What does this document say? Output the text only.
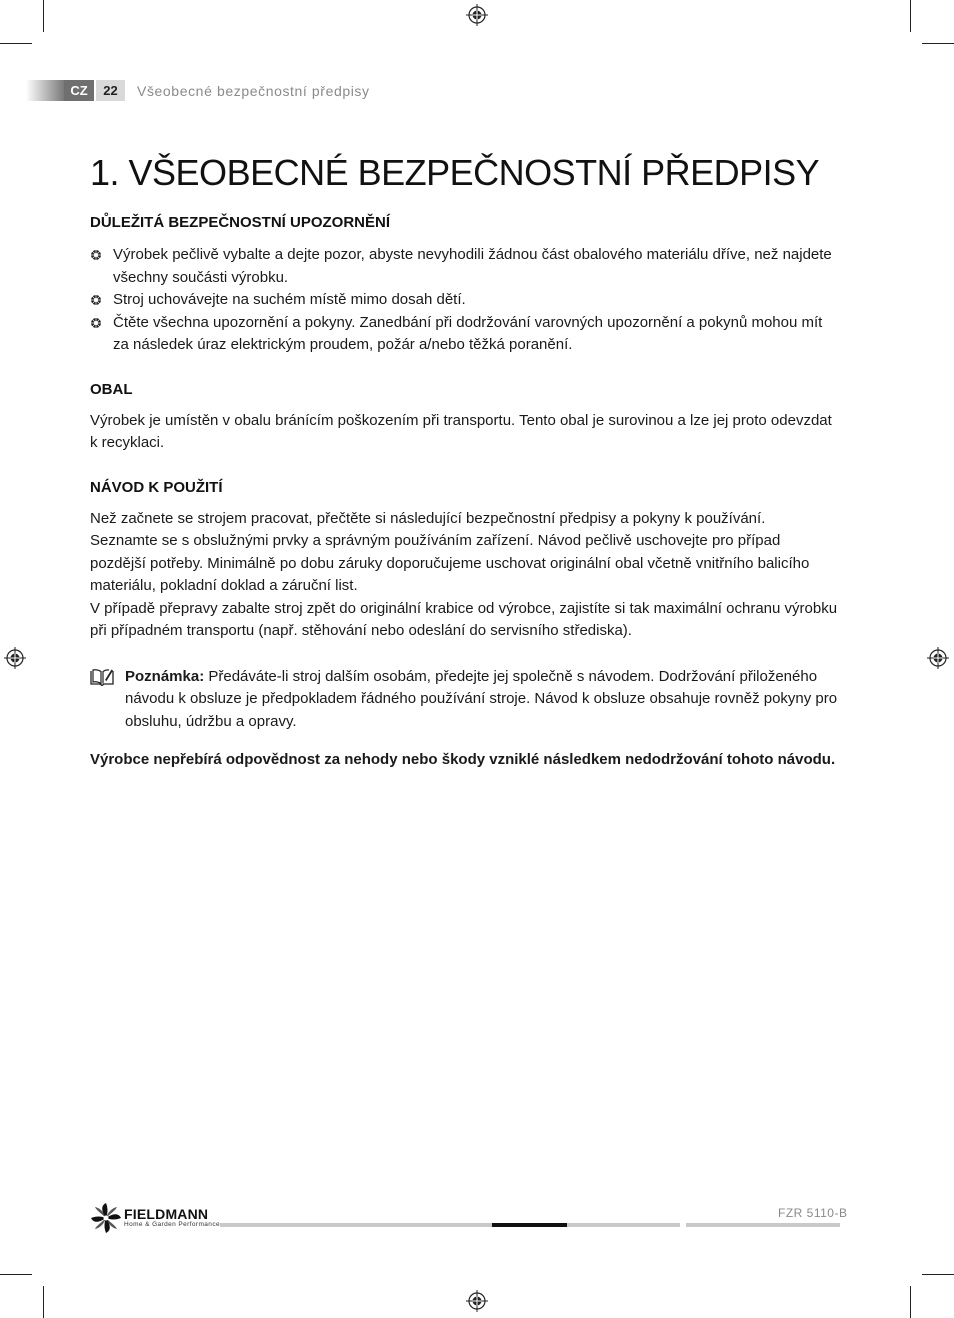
CZ	22	Všeobecné bezpečnostní předpisy
1. VŠEOBECNÉ BEZPEČNOSTNÍ PŘEDPISY
DŮLEŽITÁ BEZPEČNOSTNÍ UPOZORNĚNÍ
Výrobek pečlivě vybalte a dejte pozor, abyste nevyhodili žádnou část obalového materiálu dříve, než najdete všechny součásti výrobku.
Stroj uchovávejte na suchém místě mimo dosah dětí.
Čtěte všechna upozornění a pokyny. Zanedbání při dodržování varovných upozornění a pokynů mohou mít za následek úraz elektrickým proudem, požár a/nebo těžká poranění.
OBAL

Výrobek je umístěn v obalu bránícím poškozením při transportu. Tento obal je surovinou a lze jej proto odevzdat k recyklaci.

NÁVOD K POUŽITÍ

Než začnete se strojem pracovat, přečtěte si následující bezpečnostní předpisy a pokyny k používání.

Seznamte se s obslužnými prvky a správným používáním zařízení. Návod pečlivě uschovejte pro případ pozdější potřeby. Minimálně po dobu záruky doporučujeme uschovat originální obal včetně vnitřního balicího materiálu, pokladní doklad a záruční list.

V případě přepravy zabalte stroj zpět do originální krabice od výrobce, zajistíte si tak maximální ochranu výrobku při případném transportu (např. stěhování nebo odeslání do servisního střediska).

Poznámka: Předáváte-li stroj dalším osobám, předejte jej společně s návodem. Dodržování přiloženého návodu k obsluze je předpokladem řádného používání stroje. Návod k obsluze obsahuje rovněž pokyny pro obsluhu, údržbu a opravy.

Výrobce nepřebírá odpovědnost za nehody nebo škody vzniklé následkem nedodržování tohoto návodu.

FIELDMANN
Home & Garden Performance
FZR 5110-B
